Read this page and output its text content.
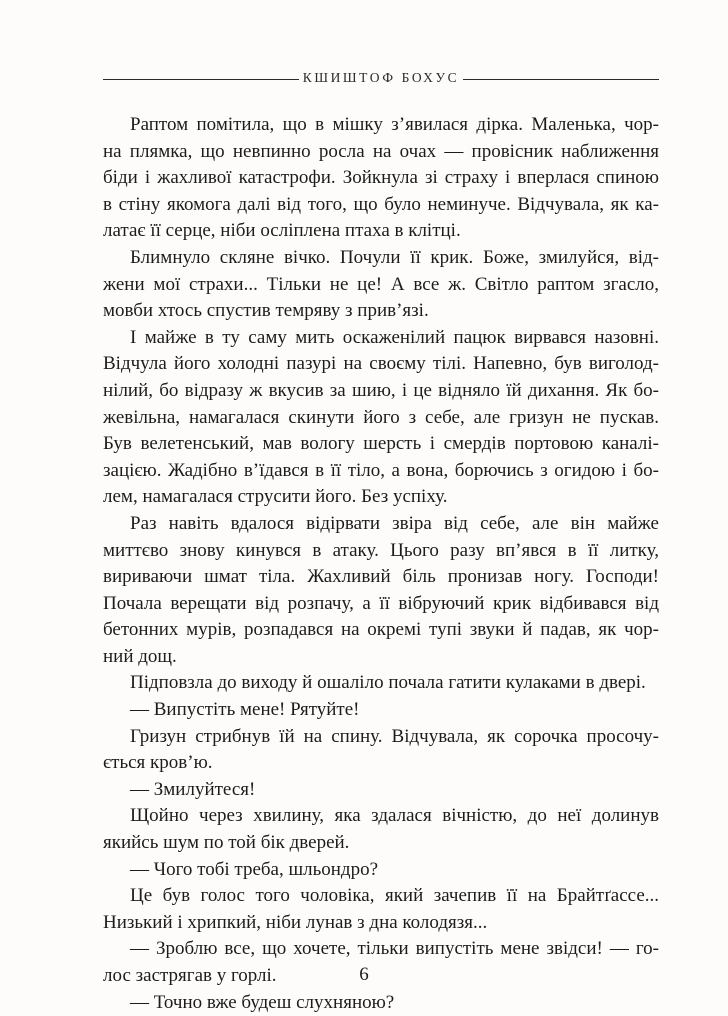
КШИШТОФ БОХУС
Раптом помітила, що в мішку з’явилася дірка. Маленька, чор-
на плямка, що невпинно росла на очах — провісник наближення
біди і жахливої катастрофи. Зойкнула зі страху і вперлася спиною
в стіну якомога далі від того, що було неминуче. Відчувала, як ка-
латає її серце, ніби осліплена птаха в клітці.
Блимнуло скляне вічко. Почули її крик. Боже, змилуйся, від-
жени мої страхи... Тільки не це! А все ж. Світло раптом згасло,
мовби хтось спустив темряву з прив’язі.
І майже в ту саму мить оскаженілий пацюк вирвався назовні.
Відчула його холодні пазурі на своєму тілі. Напевно, був виголод-
нілий, бо відразу ж вкусив за шию, і це відняло їй дихання. Як бо-
жевільна, намагалася скинути його з себе, але гризун не пускав.
Був велетенський, мав вологу шерсть і смердів портовою каналі-
зацією. Жадібно в’їдався в її тіло, а вона, борючись з огидою і бо-
лем, намагалася струсити його. Без успіху.
Раз навіть вдалося відірвати звіра від себе, але він майже
миттєво знову кинувся в атаку. Цього разу вп’явся в її литку,
вириваючи шмат тіла. Жахливий біль пронизав ногу. Господи!
Почала верещати від розпачу, а її вібруючий крик відбивався від
бетонних мурів, розпадався на окремі тупі звуки й падав, як чор-
ний дощ.
Підповзла до виходу й ошаліло почала гатити кулаками в двері.
— Випустіть мене! Рятуйте!
Гризун стрибнув їй на спину. Відчувала, як сорочка просочу-
ється кров’ю.
— Змилуйтеся!
Щойно через хвилину, яка здалася вічністю, до неї долинув
якийсь шум по той бік дверей.
— Чого тобі треба, шльондро?
Це був голос того чоловіка, який зачепив її на Брайтґассе...
Низький і хрипкий, ніби лунав з дна колодязя...
— Зроблю все, що хочете, тільки випустіть мене звідси! — го-
лос застрягав у горлі.
— Точно вже будеш слухняною?
6
